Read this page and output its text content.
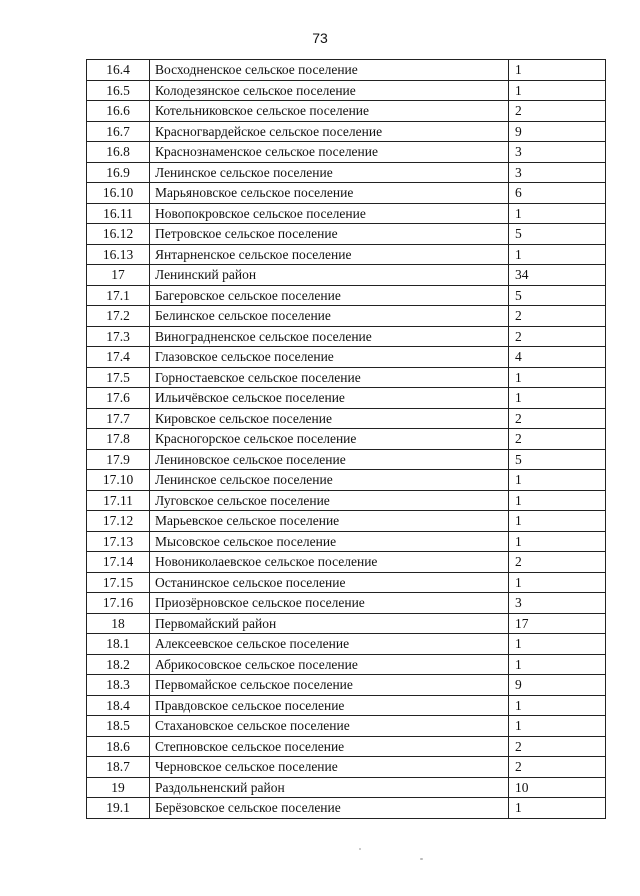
73
16.4	Восходненское сельское поселение	1
16.5	Колодезянское сельское поселение	1
16.6	Котельниковское сельское поселение	2
16.7	Красногвардейское сельское поселение	9
16.8	Краснознаменское сельское поселение	3
16.9	Ленинское сельское поселение	3
16.10	Марьяновское сельское поселение	6
16.11	Новопокровское сельское поселение	1
16.12	Петровское сельское поселение	5
16.13	Янтарненское сельское поселение	1
17	Ленинский район	34
17.1	Багеровское сельское поселение	5
17.2	Белинское сельское поселение	2
17.3	Виноградненское сельское поселение	2
17.4	Глазовское сельское поселение	4
17.5	Горностаевское сельское поселение	1
17.6	Ильичёвское сельское поселение	1
17.7	Кировское сельское поселение	2
17.8	Красногорское сельское поселение	2
17.9	Лениновское сельское поселение	5
17.10	Ленинское сельское поселение	1
17.11	Луговское сельское поселение	1
17.12	Марьевское сельское поселение	1
17.13	Мысовское сельское поселение	1
17.14	Новониколаевское сельское поселение	2
17.15	Останинское сельское поселение	1
17.16	Приозёрновское сельское поселение	3
18	Первомайский район	17
18.1	Алексеевское сельское поселение	1
18.2	Абрикосовское сельское поселение	1
18.3	Первомайское сельское поселение	9
18.4	Правдовское сельское поселение	1
18.5	Стахановское сельское поселение	1
18.6	Степновское сельское поселение	2
18.7	Черновское сельское поселение	2
19	Раздольненский район	10
19.1	Берёзовское сельское поселение	1
